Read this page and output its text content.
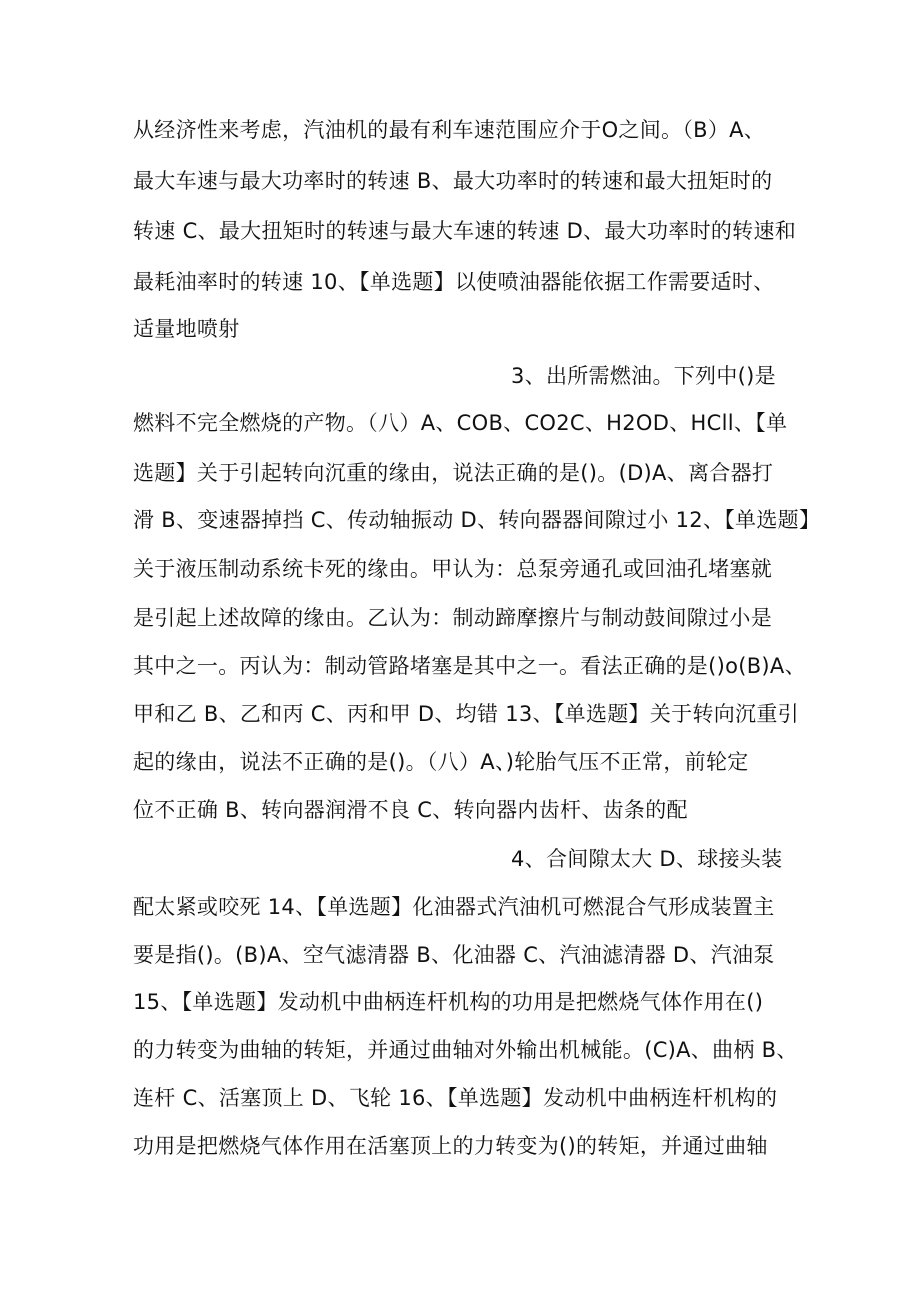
从经济性来考虑，汽油机的最有利车速范围应介于O之间。（B）A、
最大车速与最大功率时的转速 B、最大功率时的转速和最大扭矩时的
转速 C、最大扭矩时的转速与最大车速的转速 D、最大功率时的转速和
最耗油率时的转速 10、【单选题】以使喷油器能依据工作需要适时、
适量地喷射
3、出所需燃油。下列中()是
燃料不完全燃烧的产物。（八）A、COB、CO2C、H2OD、HCll、【单
选题】关于引起转向沉重的缘由，说法正确的是()。(D)A、离合器打
滑 B、变速器掉挡 C、传动轴振动 D、转向器器间隙过小 12、【单选题】
关于液压制动系统卡死的缘由。甲认为：总泵旁通孔或回油孔堵塞就
是引起上述故障的缘由。乙认为：制动蹄摩擦片与制动鼓间隙过小是
其中之一。丙认为：制动管路堵塞是其中之一。看法正确的是()o(B)A、
甲和乙 B、乙和丙 C、丙和甲 D、均错 13、【单选题】关于转向沉重引
起的缘由，说法不正确的是()。（八）A、)轮胎气压不正常，前轮定
位不正确 B、转向器润滑不良 C、转向器内齿杆、齿条的配
4、合间隙太大 D、球接头装
配太紧或咬死 14、【单选题】化油器式汽油机可燃混合气形成装置主
要是指()。(B)A、空气滤清器 B、化油器 C、汽油滤清器 D、汽油泵
15、【单选题】发动机中曲柄连杆机构的功用是把燃烧气体作用在()
的力转变为曲轴的转矩，并通过曲轴对外输出机械能。(C)A、曲柄 B、
连杆 C、活塞顶上 D、飞轮 16、【单选题】发动机中曲柄连杆机构的
功用是把燃烧气体作用在活塞顶上的力转变为()的转矩，并通过曲轴
